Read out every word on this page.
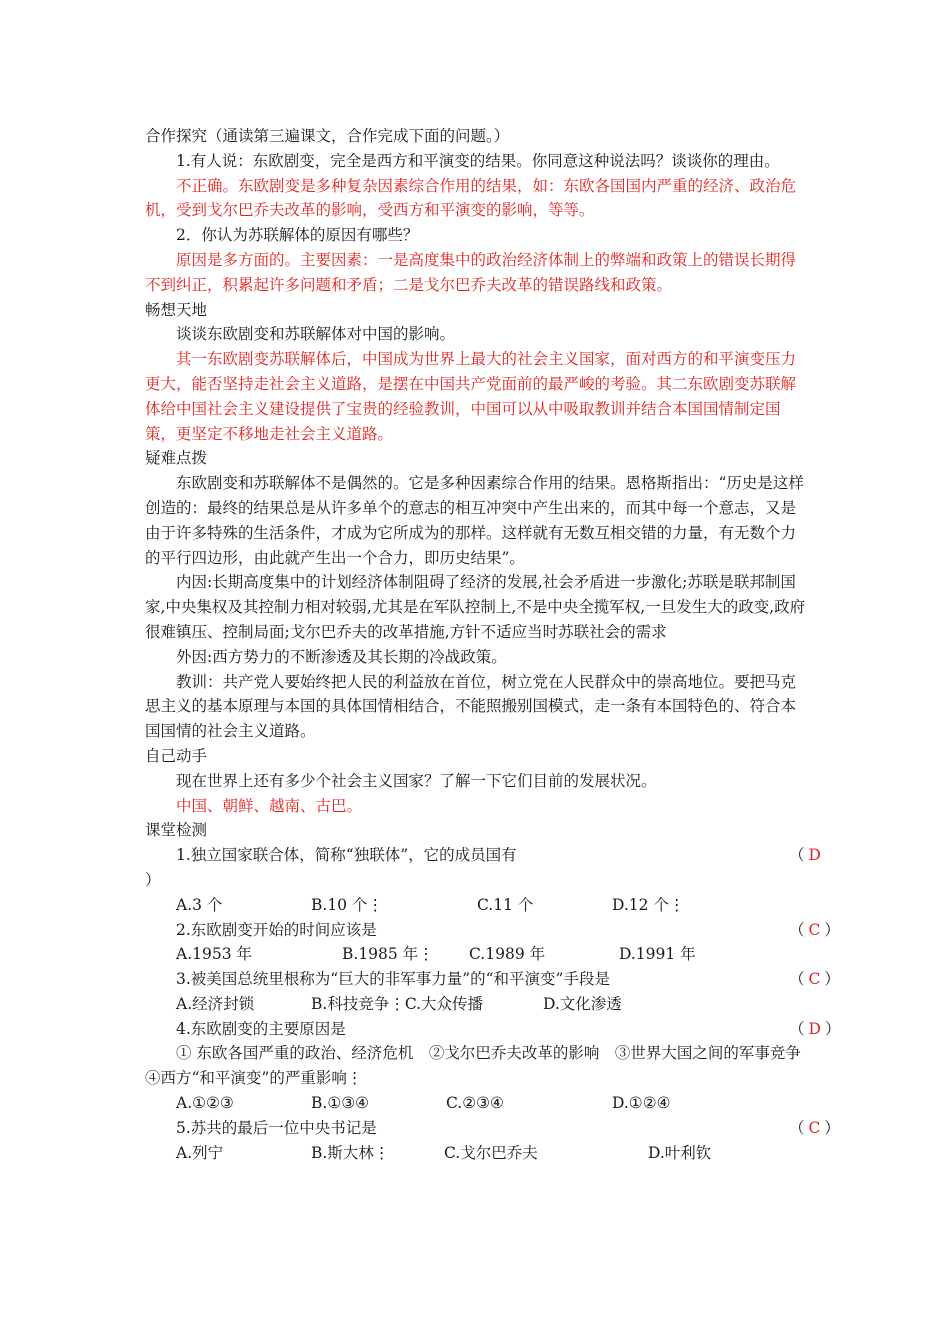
合作探究（通读第三遍课文，合作完成下面的问题。）

1.有人说：东欧剧变，完全是西方和平演变的结果。你同意这种说法吗？谈谈你的理由。

不正确。东欧剧变是多种复杂因素综合作用的结果，如：东欧各国国内严重的经济、政治危机，受到戈尔巴乔夫改革的影响，受西方和平演变的影响，等等。

2．你认为苏联解体的原因有哪些？

原因是多方面的。主要因素：一是高度集中的政治经济体制上的弊端和政策上的错误长期得不到纠正，积累起许多问题和矛盾；二是戈尔巴乔夫改革的错误路线和政策。

畅想天地

谈谈东欧剧变和苏联解体对中国的影响。

其一东欧剧变苏联解体后，中国成为世界上最大的社会主义国家，面对西方的和平演变压力更大，能否坚持走社会主义道路，是摆在中国共产党面前的最严峻的考验。其二东欧剧变苏联解体给中国社会主义建设提供了宝贵的经验教训，中国可以从中吸取教训并结合本国国情制定国策，更坚定不移地走社会主义道路。

疑难点拨

东欧剧变和苏联解体不是偶然的。它是多种因素综合作用的结果。恩格斯指出：“历史是这样创造的：最终的结果总是从许多单个的意志的相互冲突中产生出来的，而其中每一个意志，又是由于许多特殊的生活条件，才成为它所成为的那样。这样就有无数互相交错的力量，有无数个力的平行四边形，由此就产生出一个合力，即历史结果”。

内因:长期高度集中的计划经济体制阻碍了经济的发展,社会矛盾进一步激化;苏联是联邦制国家,中央集权及其控制力相对较弱,尤其是在军队控制上,不是中央全揽军权,一旦发生大的政变,政府很难镇压、控制局面;戈尔巴乔夫的改革措施,方针不适应当时苏联社会的需求

外因:西方势力的不断渗透及其长期的冷战政策。

教训：共产党人要始终把人民的利益放在首位，树立党在人民群众中的崇高地位。要把马克思主义的基本原理与本国的具体国情相结合，不能照搬别国模式，走一条有本国特色的、符合本国国情的社会主义道路。

自己动手

现在世界上还有多少个社会主义国家？了解一下它们目前的发展状况。

中国、朝鲜、越南、古巴。

课堂检测

1.独立国家联合体，简称“独联体”，它的成员国有	（ D

）

A.3 个	B.10 个⋮	C.11 个	D.12 个⋮
2.东欧剧变开始的时间应该是	（ C ）
A.1953 年	B.1985 年⋮	C.1989 年	D.1991 年
3.被美国总统里根称为“巨大的非军事力量”的“和平演变”手段是	（ C ）
A.经济封锁	B.科技竞争⋮C.大众传播	D.文化渗透
4.东欧剧变的主要原因是	（ D ）

① 东欧各国严重的政治、经济危机　②戈尔巴乔夫改革的影响　③世界大国之间的军事竞争　④西方“和平演变”的严重影响⋮

A.①②③	B.①③④	C.②③④	D.①②④
5.苏共的最后一位中央书记是	（ C ）
A.列宁	B.斯大林⋮	C.戈尔巴乔夫	D.叶利钦
